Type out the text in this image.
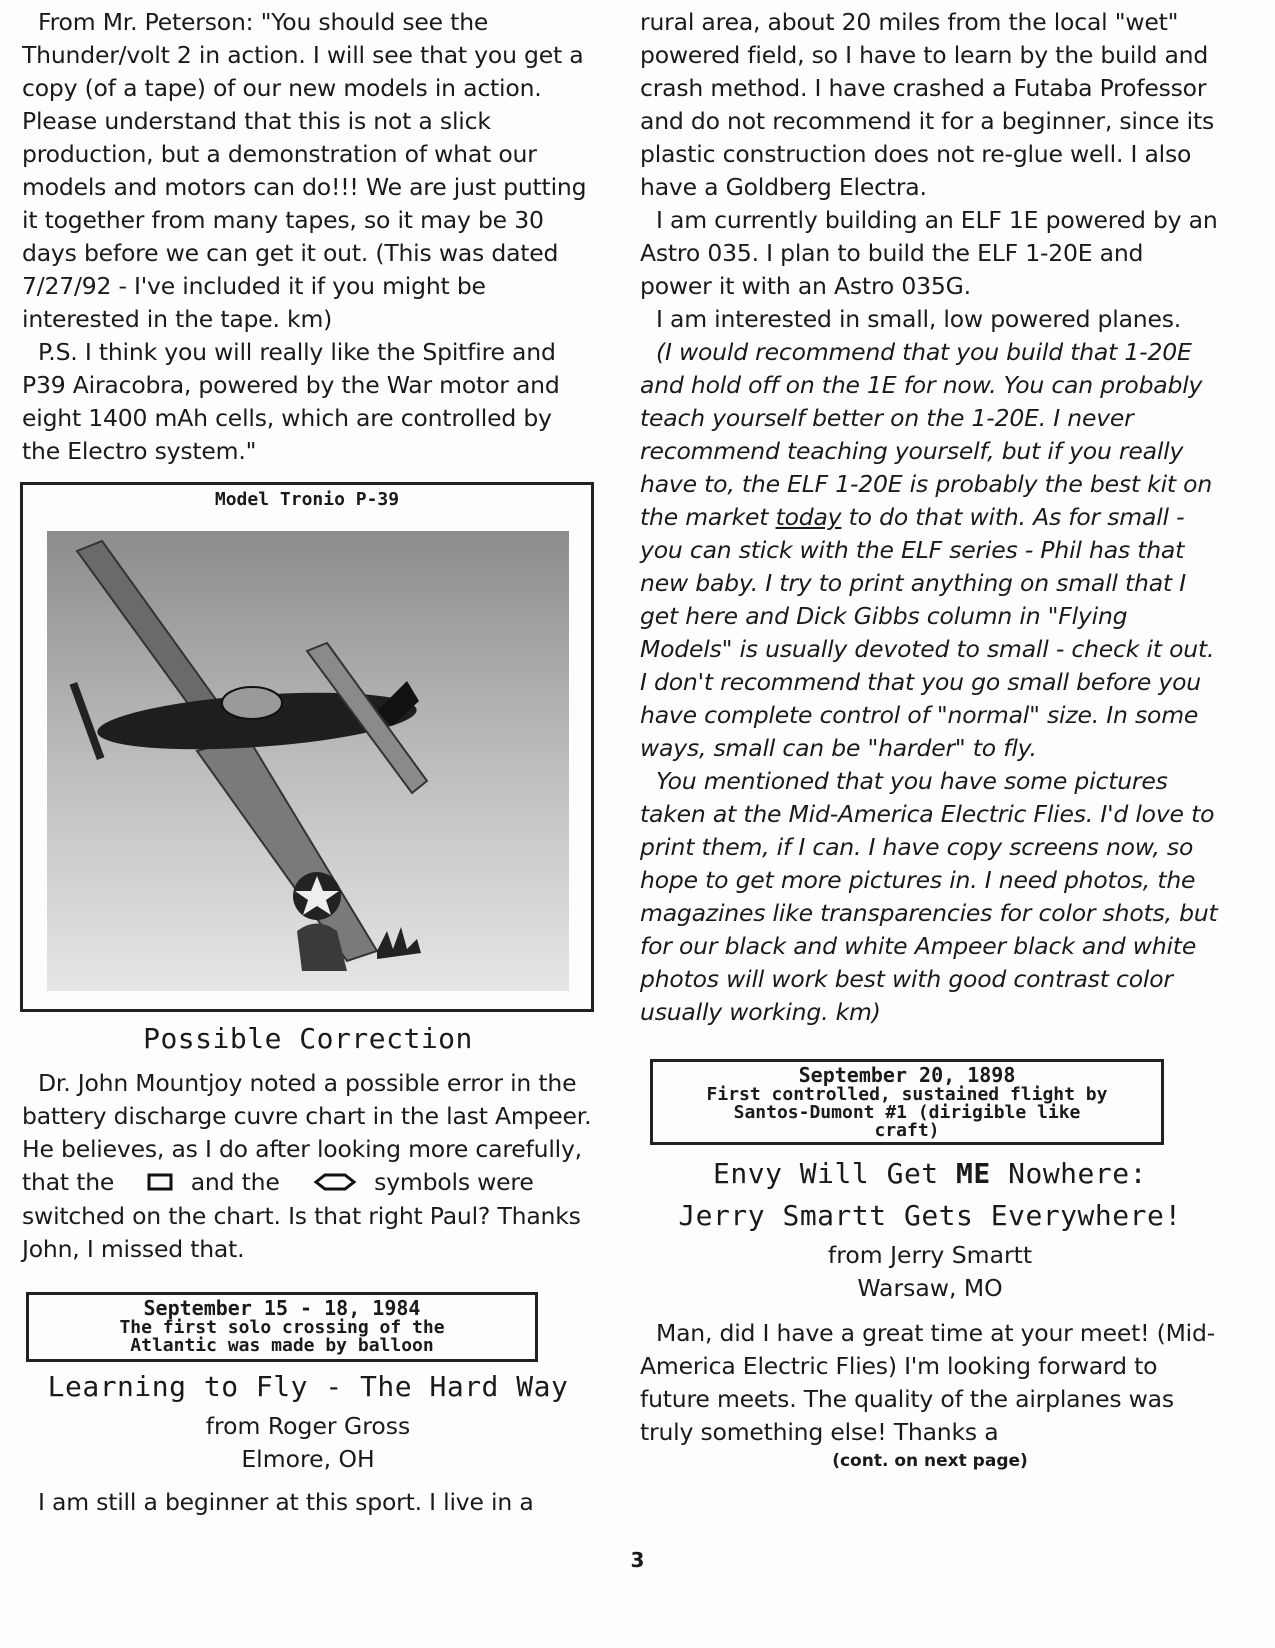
From Mr. Peterson: "You should see the Thunder/volt 2 in action. I will see that you get a copy (of a tape) of our new models in action. Please understand that this is not a slick production, but a demonstration of what our models and motors can do!!! We are just putting it together from many tapes, so it may be 30 days before we can get it out. (This was dated 7/27/92 - I've included it if you might be interested in the tape. km)

P.S. I think you will really like the Spitfire and P39 Airacobra, powered by the War motor and eight 1400 mAh cells, which are controlled by the Electro system."

Model Tronio P-39
Possible Correction

Dr. John Mountjoy noted a possible error in the battery discharge cuvre chart in the last Ampeer. He believes, as I do after looking more carefully, that the	and the	symbols were switched on the chart. Is that right Paul? Thanks John, I missed that.

September 15 - 18, 1984
The first solo crossing of the
Atlantic was made by balloon
Learning to Fly - The Hard Way
from Roger Gross
Elmore, OH

I am still a beginner at this sport. I live in a

rural area, about 20 miles from the local "wet" powered field, so I have to learn by the build and crash method. I have crashed a Futaba Professor and do not recommend it for a beginner, since its plastic construction does not re-glue well. I also have a Goldberg Electra.

I am currently building an ELF 1E powered by an Astro 035. I plan to build the ELF 1-20E and power it with an Astro 035G.

I am interested in small, low powered planes.

(I would recommend that you build that 1-20E and hold off on the 1E for now. You can probably teach yourself better on the 1-20E. I never recommend teaching yourself, but if you really have to, the ELF 1-20E is probably the best kit on the market today to do that with. As for small - you can stick with the ELF series - Phil has that new baby. I try to print anything on small that I get here and Dick Gibbs column in "Flying Models" is usually devoted to small - check it out. I don't recommend that you go small before you have complete control of "normal" size. In some ways, small can be "harder" to fly.

You mentioned that you have some pictures taken at the Mid-America Electric Flies. I'd love to print them, if I can. I have copy screens now, so hope to get more pictures in. I need photos, the magazines like transparencies for color shots, but for our black and white Ampeer black and white photos will work best with good contrast color usually working. km)

September 20, 1898
First controlled, sustained flight by
Santos-Dumont #1 (dirigible like
craft)
Envy Will Get ME Nowhere:
Jerry Smartt Gets Everywhere!
from Jerry Smartt
Warsaw, MO

Man, did I have a great time at your meet! (Mid-America Electric Flies) I'm looking forward to future meets. The quality of the airplanes was truly something else! Thanks a

(cont. on next page)
3
